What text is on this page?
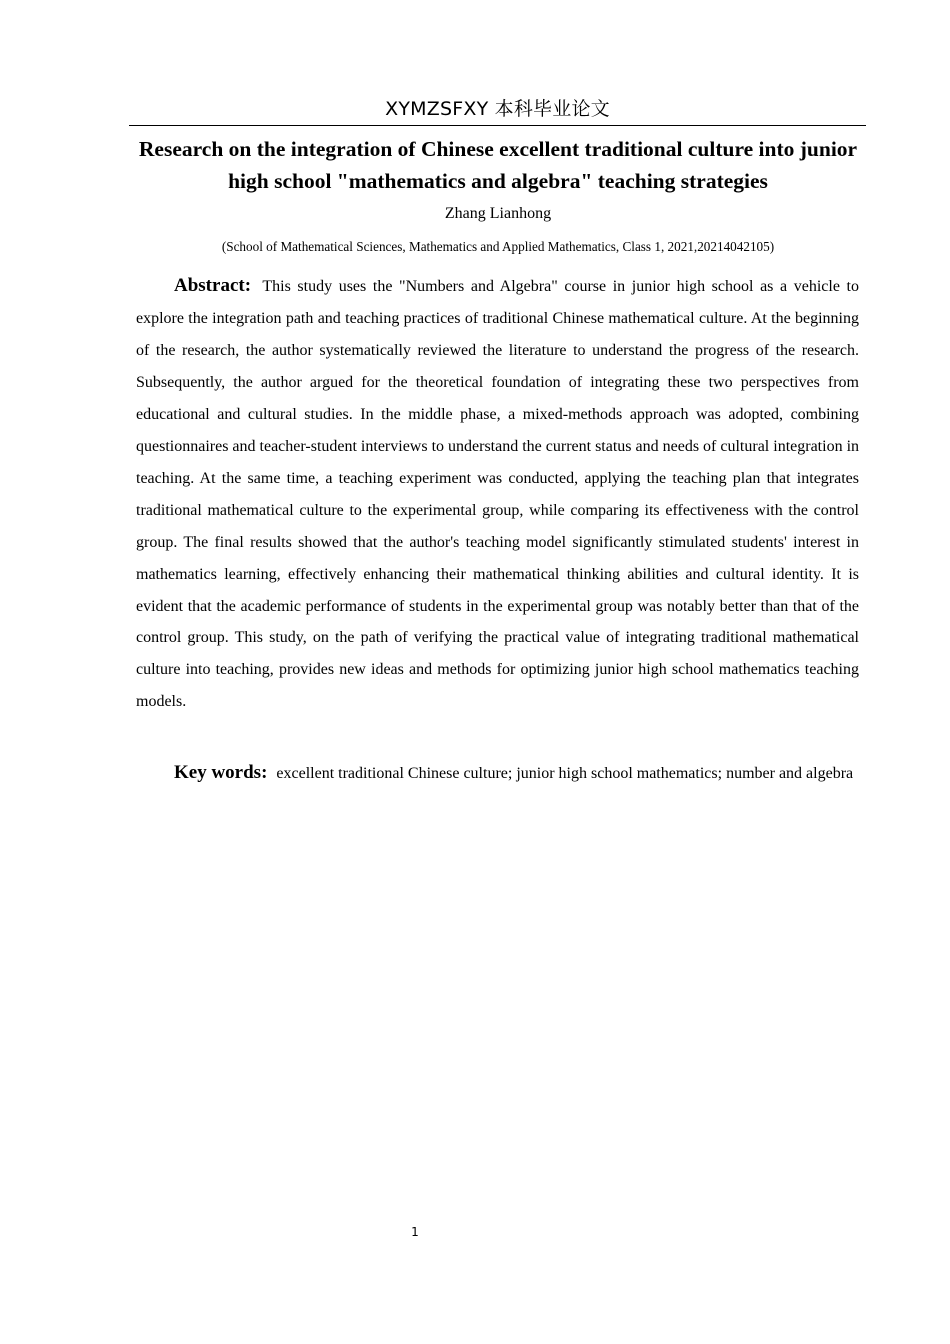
XYMZSFXY 本科毕业论文
Research on the integration of Chinese excellent traditional culture into junior high school "mathematics and algebra" teaching strategies
Zhang Lianhong
(School of Mathematical Sciences, Mathematics and Applied Mathematics, Class 1, 2021,20214042105)

Abstract: This study uses the "Numbers and Algebra" course in junior high school as a vehicle to explore the integration path and teaching practices of traditional Chinese mathematical culture. At the beginning of the research, the author systematically reviewed the literature to understand the progress of the research. Subsequently, the author argued for the theoretical foundation of integrating these two perspectives from educational and cultural studies. In the middle phase, a mixed-methods approach was adopted, combining questionnaires and teacher-student interviews to understand the current status and needs of cultural integration in teaching. At the same time, a teaching experiment was conducted, applying the teaching plan that integrates traditional mathematical culture to the experimental group, while comparing its effectiveness with the control group. The final results showed that the author's teaching model significantly stimulated students' interest in mathematics learning, effectively enhancing their mathematical thinking abilities and cultural identity. It is evident that the academic performance of students in the experimental group was notably better than that of the control group. This study, on the path of verifying the practical value of integrating traditional mathematical culture into teaching, provides new ideas and methods for optimizing junior high school mathematics teaching models.

Key words: excellent traditional Chinese culture; junior high school mathematics; number and algebra

1
